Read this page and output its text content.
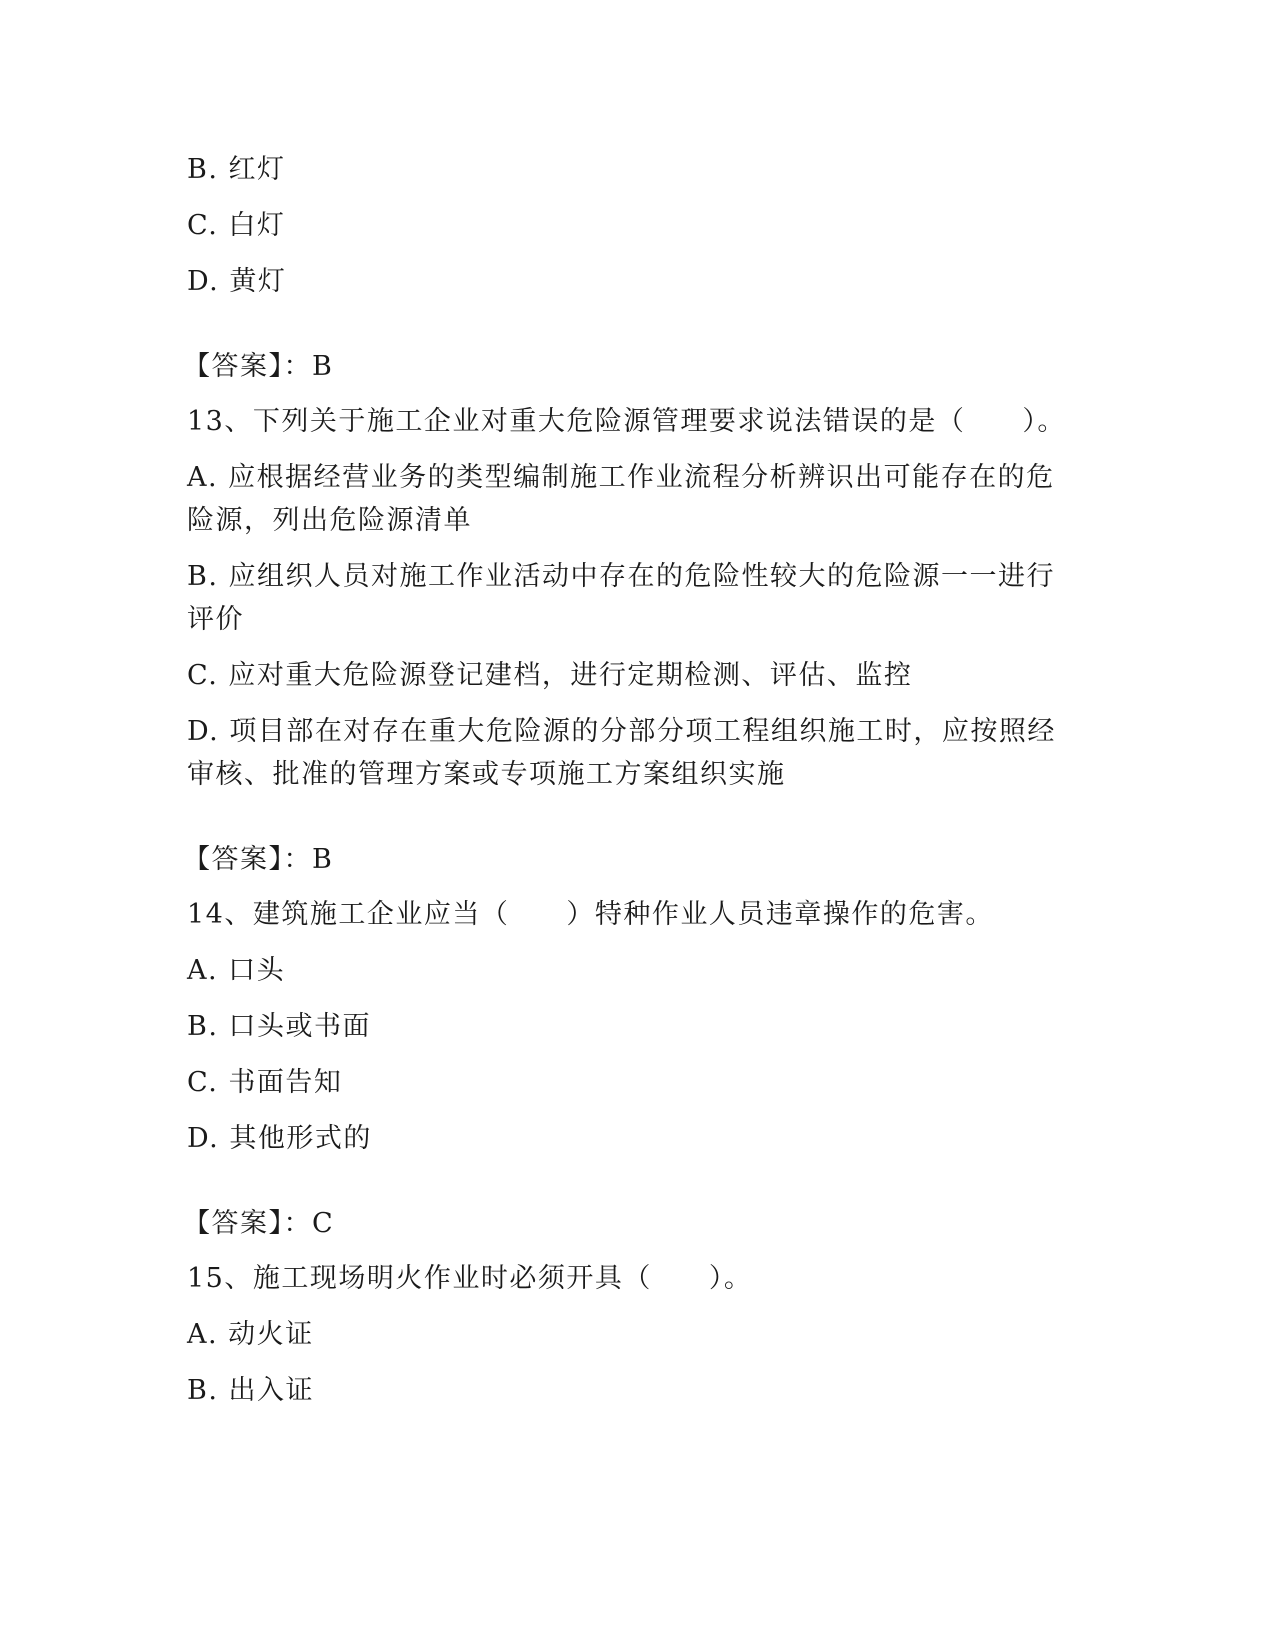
B. 红灯
C. 白灯
D. 黄灯
【答案】：B
13、下列关于施工企业对重大危险源管理要求说法错误的是（　　）。
A. 应根据经营业务的类型编制施工作业流程分析辨识出可能存在的危险源，列出危险源清单
B. 应组织人员对施工作业活动中存在的危险性较大的危险源一一进行评价
C. 应对重大危险源登记建档，进行定期检测、评估、监控
D. 项目部在对存在重大危险源的分部分项工程组织施工时，应按照经审核、批准的管理方案或专项施工方案组织实施
【答案】：B
14、建筑施工企业应当（　　）特种作业人员违章操作的危害。
A. 口头
B. 口头或书面
C. 书面告知
D. 其他形式的
【答案】：C
15、施工现场明火作业时必须开具（　　）。
A. 动火证
B. 出入证
